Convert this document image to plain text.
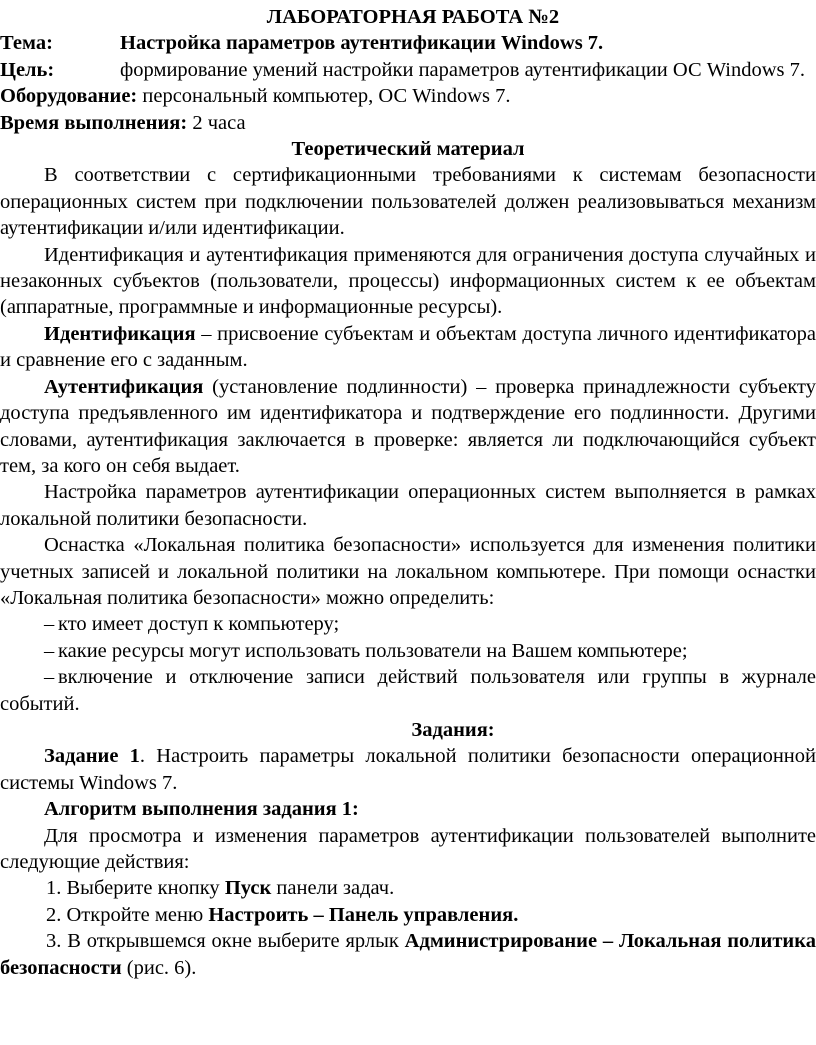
ЛАБОРАТОРНАЯ РАБОТА №2

Тема:	Настройка параметров аутентификации Windows 7.
Цель:	формирование умений настройки параметров аутентификации ОС Windows 7.

Оборудование: персональный компьютер, ОС Windows 7.

Время выполнения: 2 часа

Теоретический материал

В соответствии с сертификационными требованиями к системам безопасности операционных систем при подключении пользователей должен реализовываться механизм аутентификации и/или идентификации.

Идентификация и аутентификация применяются для ограничения доступа случайных и незаконных субъектов (пользователи, процессы) информационных систем к ее объектам (аппаратные, программные и информационные ресурсы).

Идентификация – присвоение субъектам и объектам доступа личного идентификатора и сравнение его с заданным.

Аутентификация (установление подлинности) – проверка принадлежности субъекту доступа предъявленного им идентификатора и подтверждение его подлинности. Другими словами, аутентификация заключается в проверке: является ли подключающийся субъект тем, за кого он себя выдает.

Настройка параметров аутентификации операционных систем выполняется в рамках локальной политики безопасности.

Оснастка «Локальная политика безопасности» используется для изменения политики учетных записей и локальной политики на локальном компьютере. При помощи оснастки «Локальная политика безопасности» можно определить:

– кто имеет доступ к компьютеру;
– какие ресурсы могут использовать пользователи на Вашем компьютере;

– включение и отключение записи действий пользователя или группы в журнале событий.

Задания:

Задание 1. Настроить параметры локальной политики безопасности операционной системы Windows 7.

Алгоритм выполнения задания 1:

Для просмотра и изменения параметров аутентификации пользователей выполните следующие действия:

1. Выберите кнопку Пуск панели задач.

2. Откройте меню Настроить – Панель управления.

3. В открывшемся окне выберите ярлык Администрирование – Локальная политика безопасности (рис. 6).
